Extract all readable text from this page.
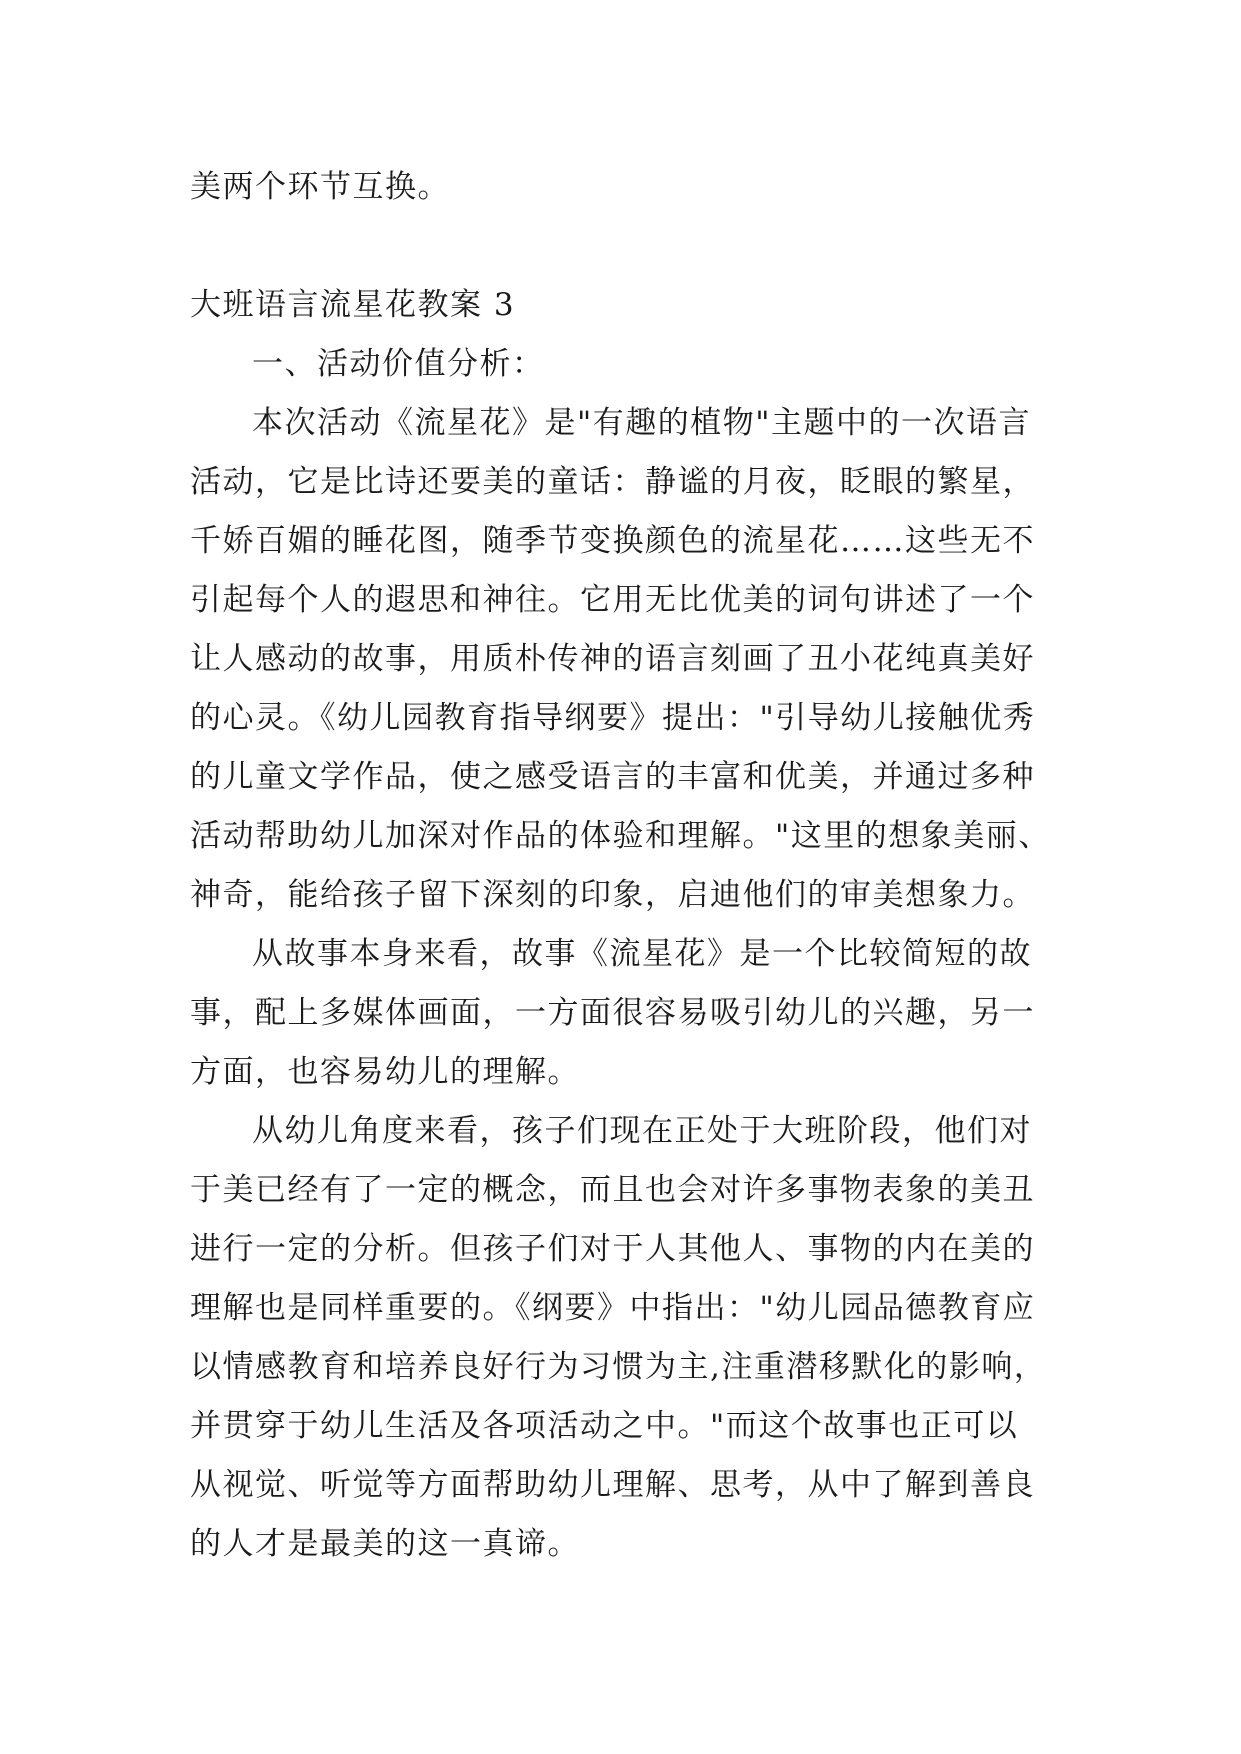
美两个环节互换。
大班语言流星花教案 3
一、活动价值分析：
本次活动《流星花》是"有趣的植物"主题中的一次语言
活动，它是比诗还要美的童话：静谧的月夜，眨眼的繁星，
千娇百媚的睡花图，随季节变换颜色的流星花……这些无不
引起每个人的遐思和神往。它用无比优美的词句讲述了一个
让人感动的故事，用质朴传神的语言刻画了丑小花纯真美好
的心灵。《幼儿园教育指导纲要》提出："引导幼儿接触优秀
的儿童文学作品，使之感受语言的丰富和优美，并通过多种
活动帮助幼儿加深对作品的体验和理解。"这里的想象美丽、
神奇，能给孩子留下深刻的印象，启迪他们的审美想象力。
从故事本身来看，故事《流星花》是一个比较简短的故
事，配上多媒体画面，一方面很容易吸引幼儿的兴趣，另一
方面，也容易幼儿的理解。
从幼儿角度来看，孩子们现在正处于大班阶段，他们对
于美已经有了一定的概念，而且也会对许多事物表象的美丑
进行一定的分析。但孩子们对于人其他人、事物的内在美的
理解也是同样重要的。《纲要》中指出："幼儿园品德教育应
以情感教育和培养良好行为习惯为主,注重潜移默化的影响，
并贯穿于幼儿生活及各项活动之中。"而这个故事也正可以
从视觉、听觉等方面帮助幼儿理解、思考，从中了解到善良
的人才是最美的这一真谛。
